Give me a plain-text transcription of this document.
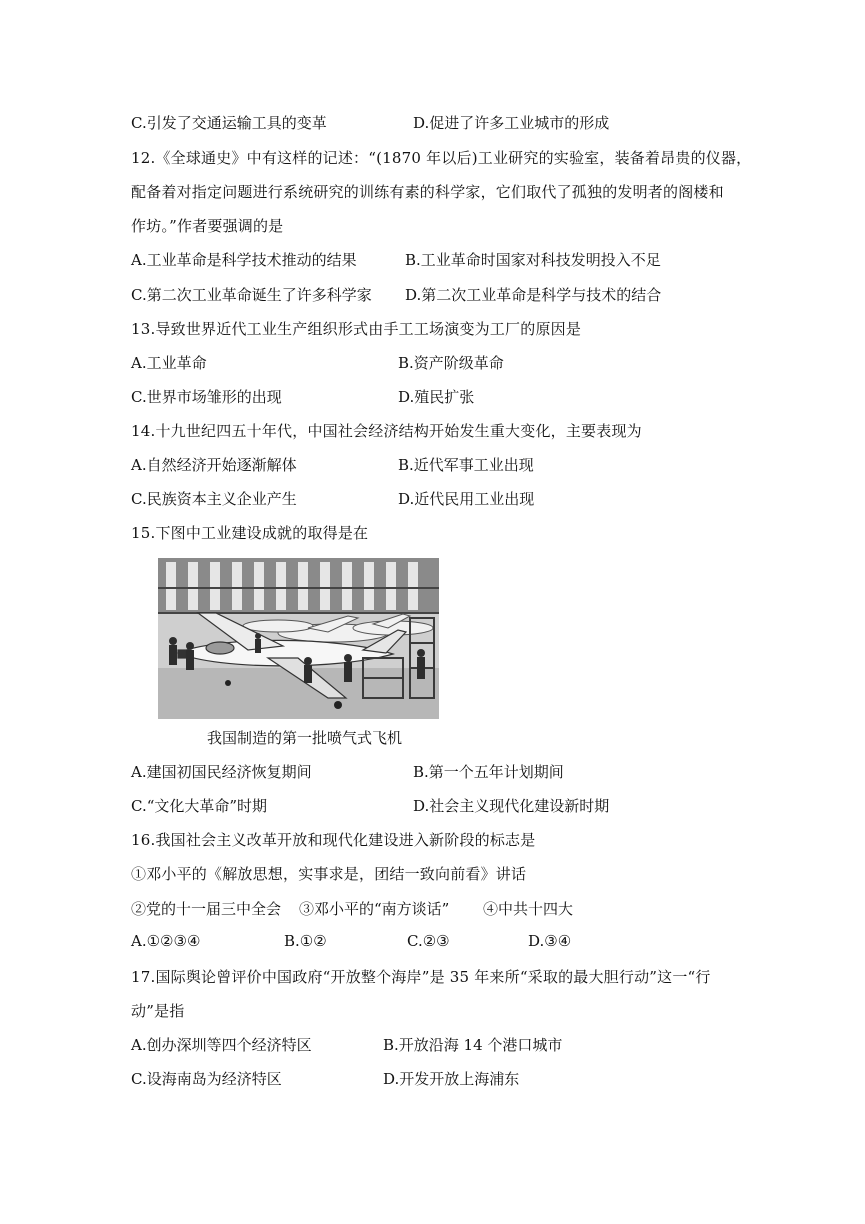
C.引发了交通运输工具的变革	D.促进了许多工业城市的形成
12.《全球通史》中有这样的记述：“(1870 年以后)工业研究的实验室，装备着昂贵的仪器，
配备着对指定问题进行系统研究的训练有素的科学家，它们取代了孤独的发明者的阁楼和
作坊。”作者要强调的是
A.工业革命是科学技术推动的结果	B.工业革命时国家对科技发明投入不足
C.第二次工业革命诞生了许多科学家 D.第二次工业革命是科学与技术的结合
13.导致世界近代工业生产组织形式由手工工场演变为工厂的原因是
A.工业革命	B.资产阶级革命
C.世界市场雏形的出现	D.殖民扩张
14.十九世纪四五十年代，中国社会经济结构开始发生重大变化，主要表现为
A.自然经济开始逐渐解体	B.近代军事工业出现
C.民族资本主义企业产生	D.近代民用工业出现
15.下图中工业建设成就的取得是在
我国制造的第一批喷气式飞机
A.建国初国民经济恢复期间	B.第一个五年计划期间
C.“文化大革命”时期	D.社会主义现代化建设新时期
16.我国社会主义改革开放和现代化建设进入新阶段的标志是
①邓小平的《解放思想，实事求是，团结一致向前看》讲话
②党的十一届三中全会 ③邓小平的“南方谈话” ④中共十四大
A.①②③④	B.①②	C.②③	D.③④
17.国际舆论曾评价中国政府“开放整个海岸”是 35 年来所“采取的最大胆行动”这一“行
动”是指
A.创办深圳等四个经济特区	B.开放沿海 14 个港口城市
C.设海南岛为经济特区	D.开发开放上海浦东
